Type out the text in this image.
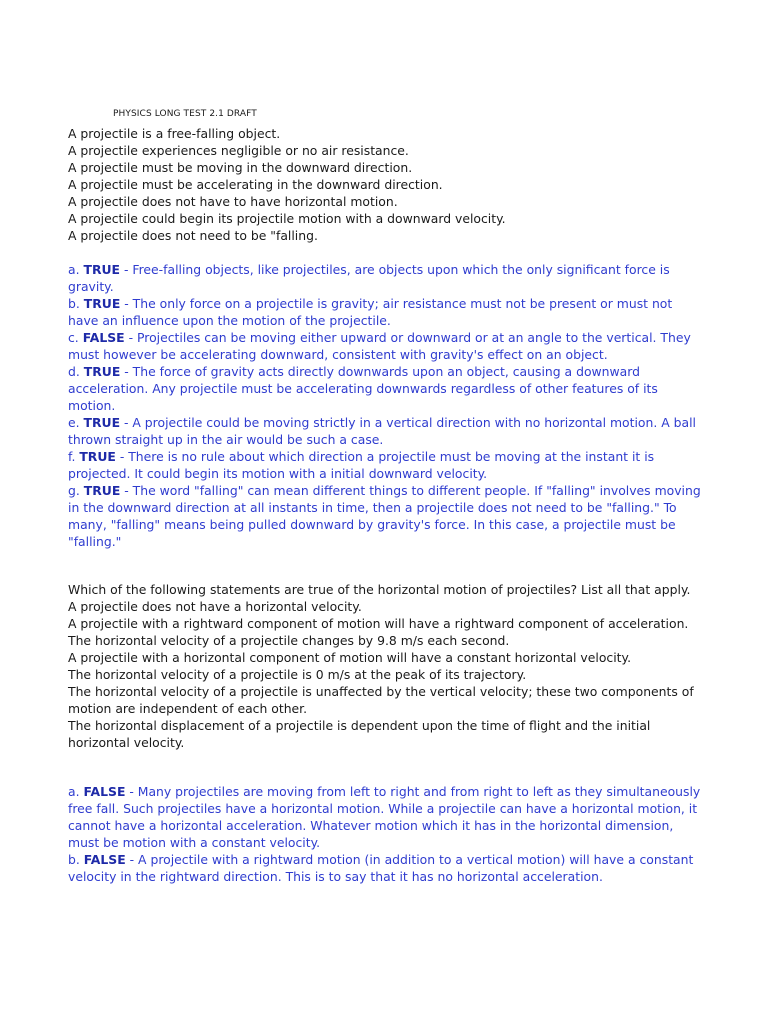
PHYSICS LONG TEST 2.1 DRAFT

A projectile is a free-falling object.

A projectile experiences negligible or no air resistance.

A projectile must be moving in the downward direction.

A projectile must be accelerating in the downward direction.

A projectile does not have to have horizontal motion.

A projectile could begin its projectile motion with a downward velocity.

A projectile does not need to be "falling.

a. TRUE - Free-falling objects, like projectiles, are objects upon which the only significant force is gravity.

b. TRUE - The only force on a projectile is gravity; air resistance must not be present or must not have an influence upon the motion of the projectile.

c. FALSE - Projectiles can be moving either upward or downward or at an angle to the vertical. They must however be accelerating downward, consistent with gravity's effect on an object.

d. TRUE - The force of gravity acts directly downwards upon an object, causing a downward acceleration. Any projectile must be accelerating downwards regardless of other features of its motion.

e. TRUE - A projectile could be moving strictly in a vertical direction with no horizontal motion. A ball thrown straight up in the air would be such a case.

f. TRUE - There is no rule about which direction a projectile must be moving at the instant it is projected. It could begin its motion with a initial downward velocity.

g. TRUE - The word "falling" can mean different things to different people. If "falling" involves moving in the downward direction at all instants in time, then a projectile does not need to be "falling." To many, "falling" means being pulled downward by gravity's force. In this case, a projectile must be "falling."

Which of the following statements are true of the horizontal motion of projectiles? List all that apply.

A projectile does not have a horizontal velocity.

A projectile with a rightward component of motion will have a rightward component of acceleration.

The horizontal velocity of a projectile changes by 9.8 m/s each second.

A projectile with a horizontal component of motion will have a constant horizontal velocity.

The horizontal velocity of a projectile is 0 m/s at the peak of its trajectory.

The horizontal velocity of a projectile is unaffected by the vertical velocity; these two components of motion are independent of each other.

The horizontal displacement of a projectile is dependent upon the time of flight and the initial horizontal velocity.

a. FALSE - Many projectiles are moving from left to right and from right to left as they simultaneously free fall. Such projectiles have a horizontal motion. While a projectile can have a horizontal motion, it cannot have a horizontal acceleration. Whatever motion which it has in the horizontal dimension, must be motion with a constant velocity.

b. FALSE - A projectile with a rightward motion (in addition to a vertical motion) will have a constant velocity in the rightward direction. This is to say that it has no horizontal acceleration.
